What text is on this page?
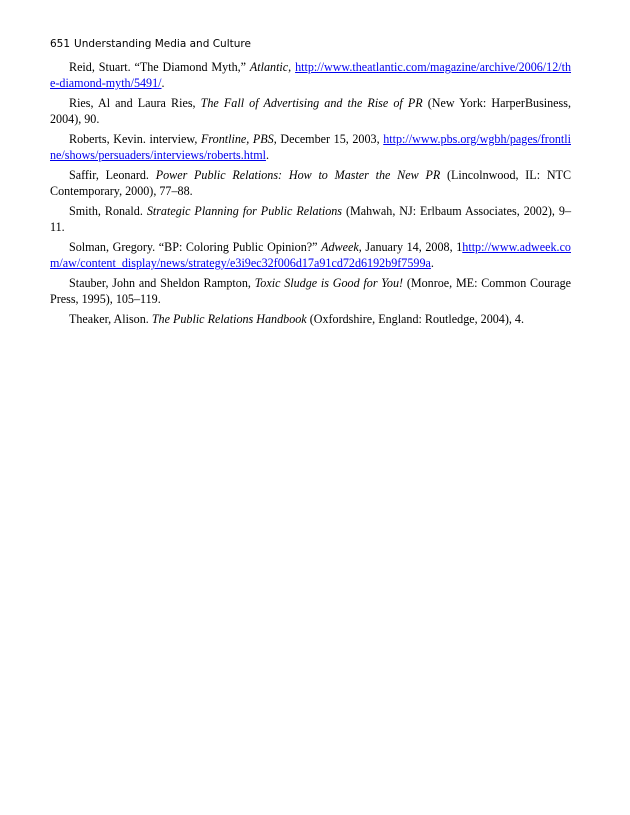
651 Understanding Media and Culture

Reid, Stuart. “The Diamond Myth,” Atlantic, http://www.theatlantic.com/magazine/archive/2006/12/the-diamond-myth/5491/.

Ries, Al and Laura Ries, The Fall of Advertising and the Rise of PR (New York: HarperBusiness, 2004), 90.

Roberts, Kevin. interview, Frontline, PBS, December 15, 2003, http://www.pbs.org/wgbh/pages/frontline/shows/persuaders/interviews/roberts.html.

Saffir, Leonard. Power Public Relations: How to Master the New PR (Lincolnwood, IL: NTC Contemporary, 2000), 77–88.

Smith, Ronald. Strategic Planning for Public Relations (Mahwah, NJ: Erlbaum Associates, 2002), 9–11.

Solman, Gregory. “BP: Coloring Public Opinion?” Adweek, January 14, 2008, 1http://www.adweek.com/aw/content_display/news/strategy/e3i9ec32f006d17a91cd72d6192b9f7599a.

Stauber, John and Sheldon Rampton, Toxic Sludge is Good for You! (Monroe, ME: Common Courage Press, 1995), 105–119.

Theaker, Alison. The Public Relations Handbook (Oxfordshire, England: Routledge, 2004), 4.
